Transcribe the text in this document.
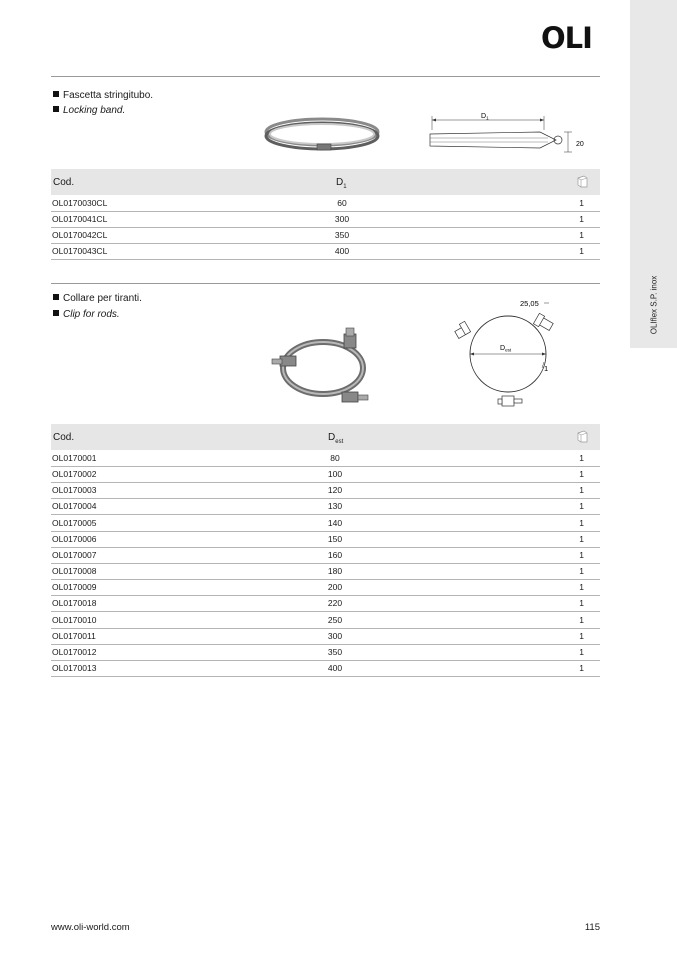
OLIflex S.P. inox
OLI
Fascetta stringitubo.
Locking band.
$D_1$
20
Cod.	$D_1$
OL0170030CL	60	1
OL0170041CL	300	1
OL0170042CL	350	1
OL0170043CL	400	1
Collare per tiranti.
Clip for rods.
$D_{est}$
25,05
1
Cod.	$D_{est}$
OL0170001	80	1
OL0170002	100	1
OL0170003	120	1
OL0170004	130	1
OL0170005	140	1
OL0170006	150	1
OL0170007	160	1
OL0170008	180	1
OL0170009	200	1
OL0170018	220	1
OL0170010	250	1
OL0170011	300	1
OL0170012	350	1
OL0170013	400	1
www.oli-world.com	115
